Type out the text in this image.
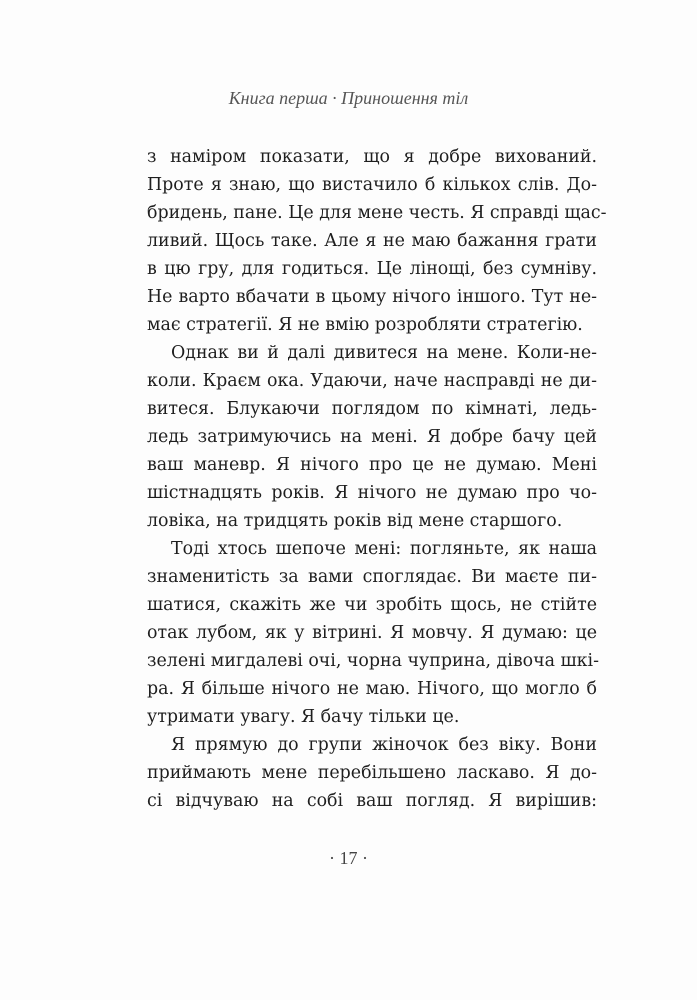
Книга перша · Приношення тіл
з наміром показати, що я добре вихований.
Проте я знаю, що вистачило б кількох слів. До-
бридень, пане. Це для мене честь. Я справді щас-
ливий. Щось таке. Але я не маю бажання грати
в цю гру, для годиться. Це лінощі, без сумніву.
Не варто вбачати в цьому нічого іншого. Тут не-
має стратегії. Я не вмію розробляти стратегію.
Однак ви й далі дивитеся на мене. Коли-не-
коли. Краєм ока. Удаючи, наче насправді не ди-
витеся. Блукаючи поглядом по кімнаті, ледь-
ледь затримуючись на мені. Я добре бачу цей
ваш маневр. Я нічого про це не думаю. Мені
шістнадцять років. Я нічого не думаю про чо-
ловіка, на тридцять років від мене старшого.
Тоді хтось шепоче мені: погляньте, як наша
знаменитість за вами споглядає. Ви маєте пи-
шатися, скажіть же чи зробіть щось, не стійте
отак лубом, як у вітрині. Я мовчу. Я думаю: це
зелені мигдалеві очі, чорна чуприна, дівоча шкі-
ра. Я більше нічого не маю. Нічого, що могло б
утримати увагу. Я бачу тільки це.
Я прямую до групи жіночок без віку. Вони
приймають мене перебільшено ласкаво. Я до-
сі відчуваю на собі ваш погляд. Я вирішив:
· 17 ·
